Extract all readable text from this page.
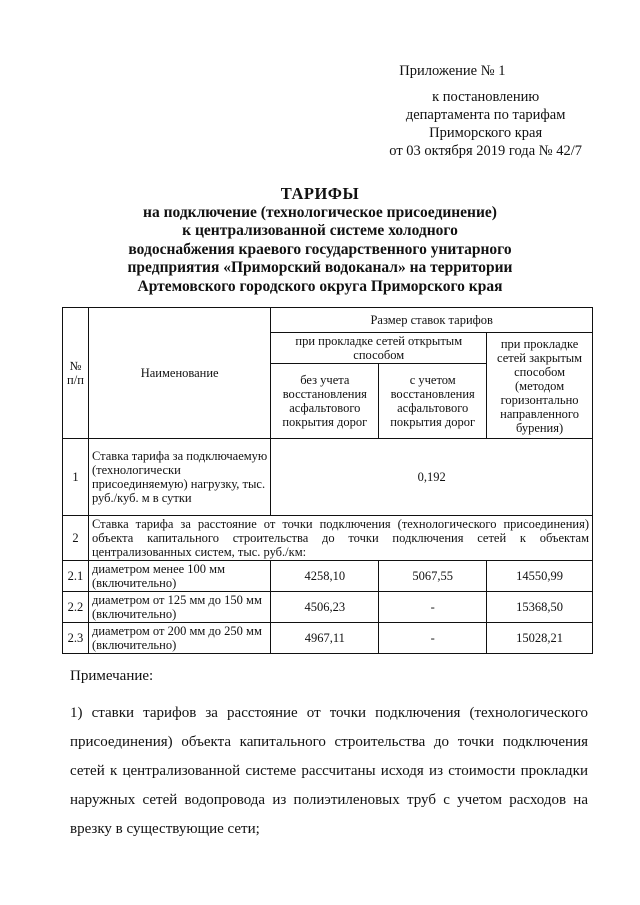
Приложение № 1
к постановлению
департамента по тарифам
Приморского края
от 03 октября 2019 года № 42/7
ТАРИФЫ
на подключение (технологическое присоединение)
к централизованной системе холодного
водоснабжения краевого государственного унитарного
предприятия «Приморский водоканал» на территории
Артемовского городского округа Приморского края
№ п/п	Наименование	Размер ставок тарифов		
		при прокладке сетей открытым способом		при прокладке сетей закрытым способом (методом горизонтально направленного бурения)
		без учета восстановления асфальтового покрытия дорог	с учетом восстановления асфальтового покрытия дорог	
1	Ставка тарифа за подключаемую (технологически присоединяемую) нагрузку, тыс. руб./куб. м в сутки	0,192		
2	Ставка тарифа за расстояние от точки подключения (технологического присоединения) объекта капитального строительства до точки подключения сетей к объектам централизованных систем, тыс. руб./км:			
2.1	диаметром менее 100 мм (включительно)	4258,10	5067,55	14550,99
2.2	диаметром от 125 мм до 150 мм (включительно)	4506,23	-	15368,50
2.3	диаметром от 200 мм до 250 мм (включительно)	4967,11	-	15028,21

Примечание:

1) ставки тарифов за расстояние от точки подключения (технологического присоединения) объекта капитального строительства до точки подключения сетей к централизованной системе рассчитаны исходя из стоимости прокладки наружных сетей водопровода из полиэтиленовых труб с учетом расходов на врезку в существующие сети;
